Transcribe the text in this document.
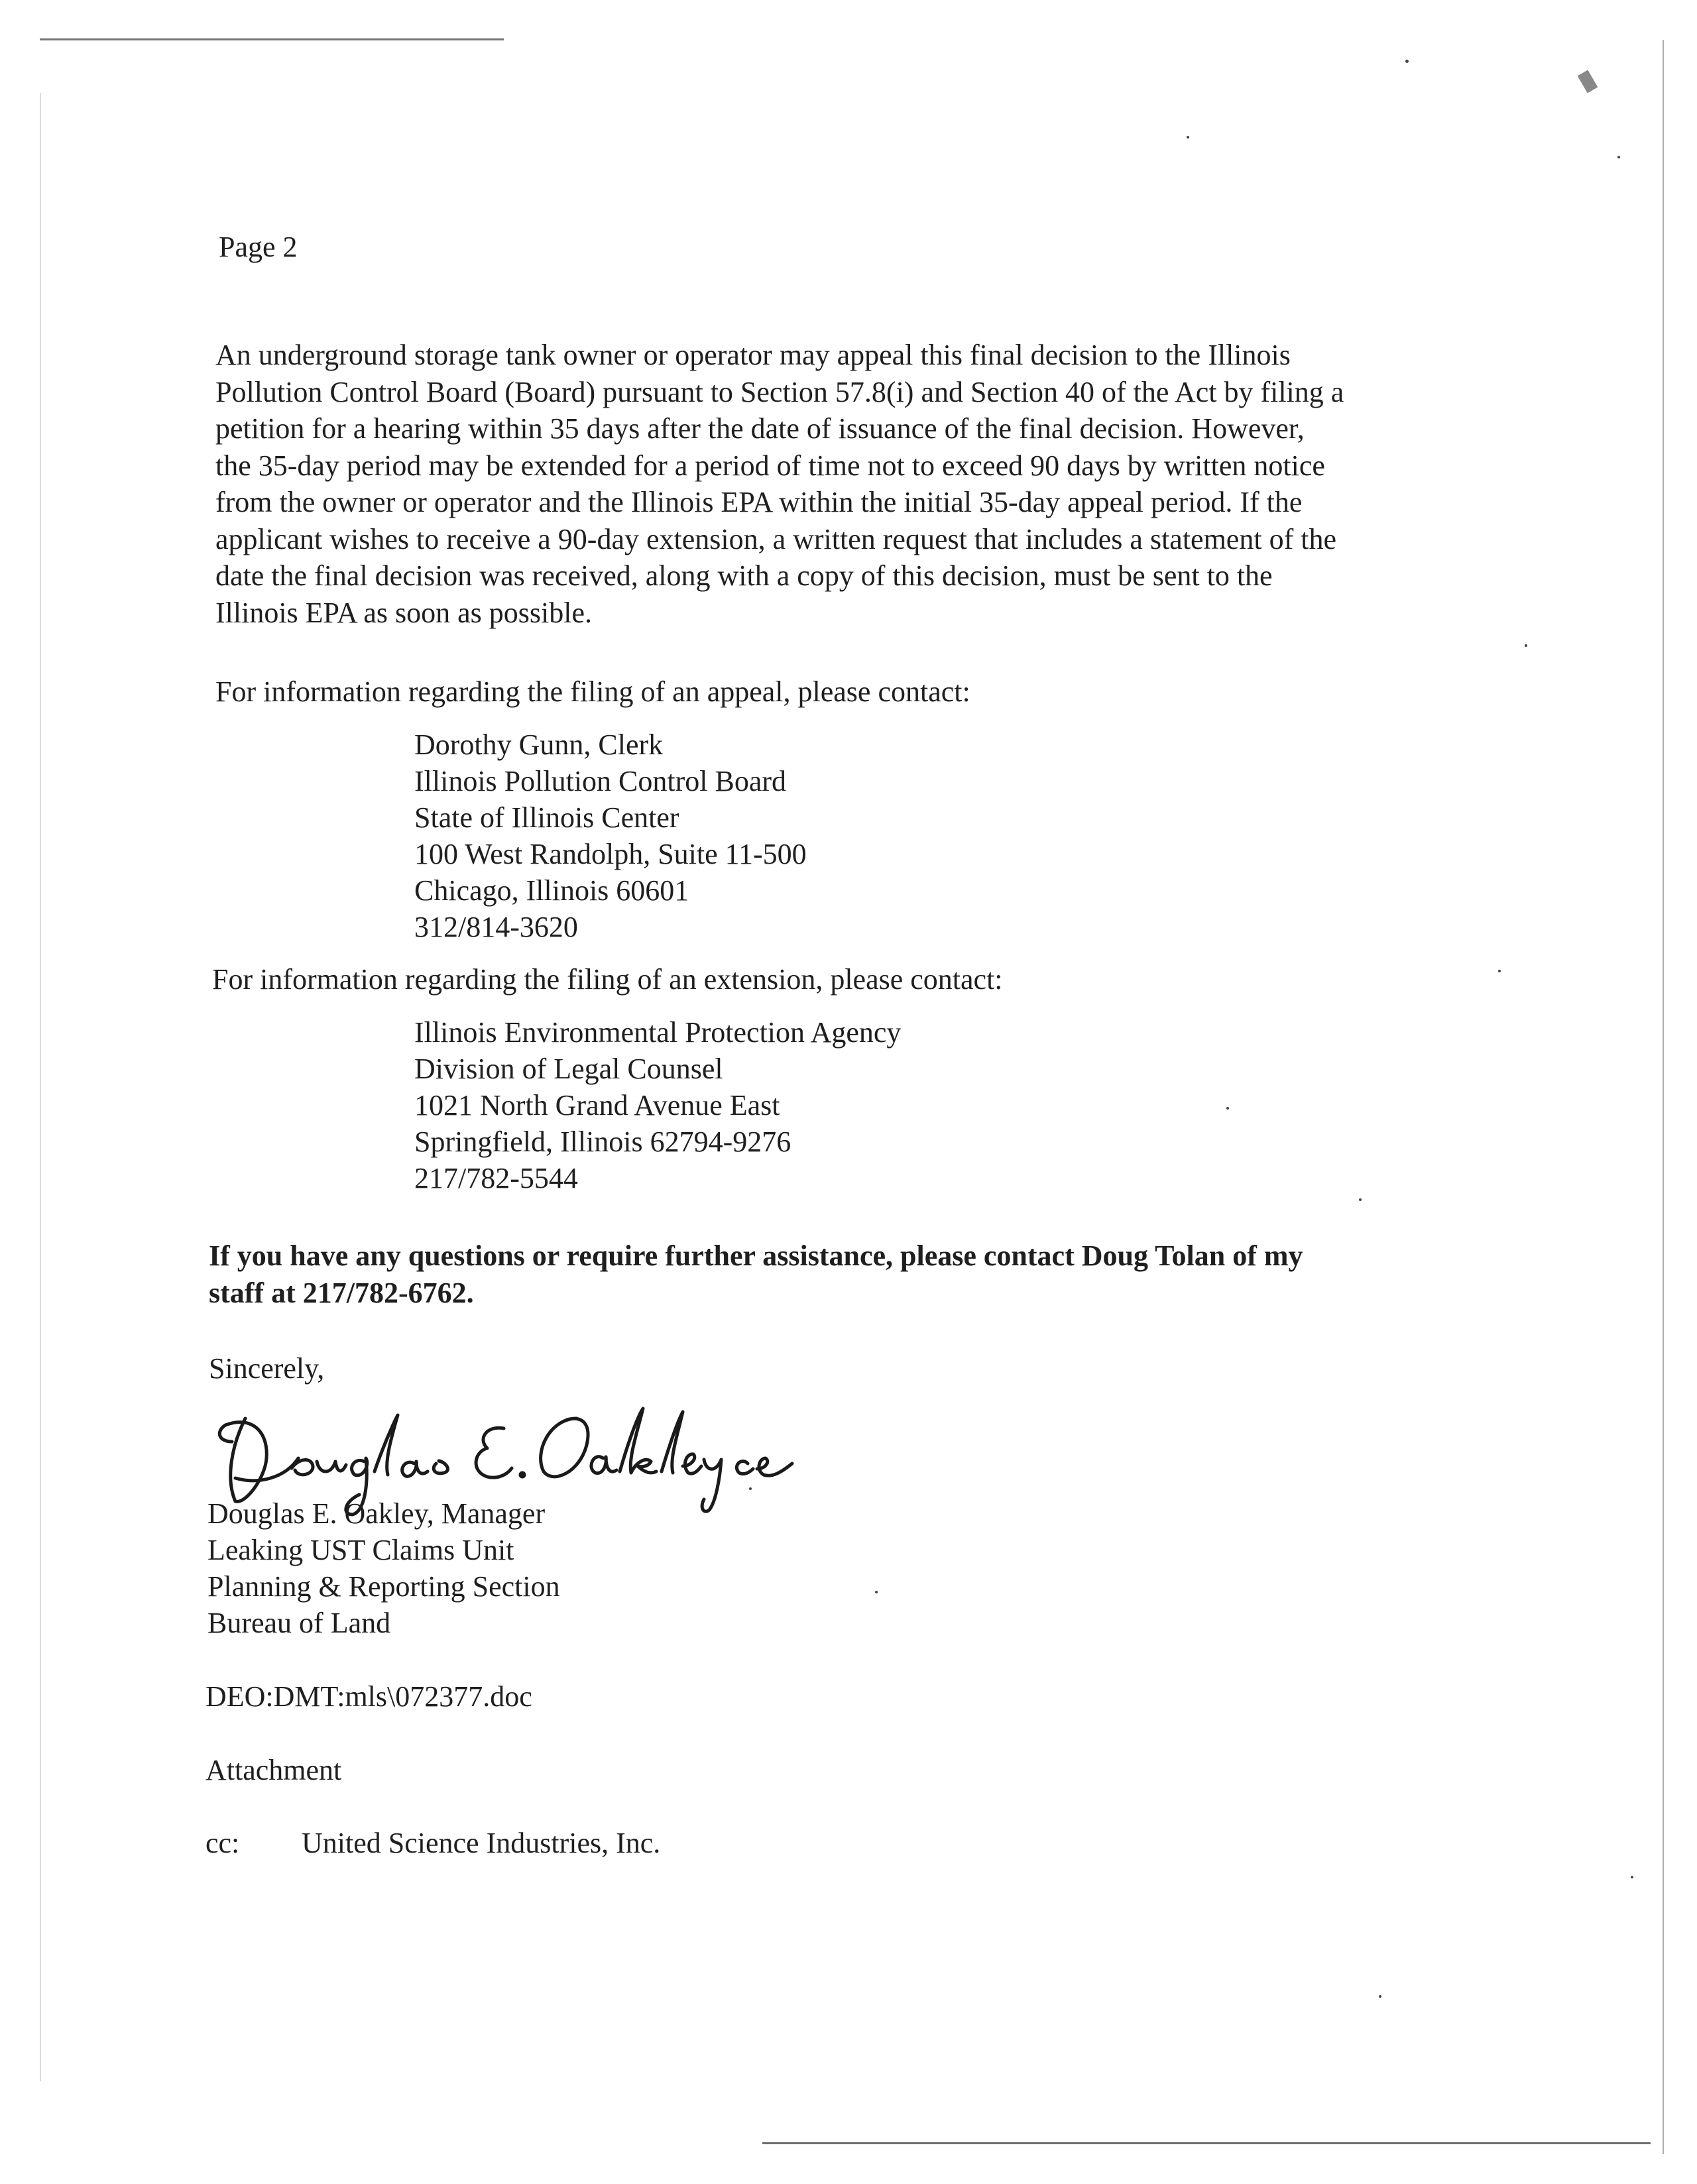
Page 2
An underground storage tank owner or operator may appeal this final decision to the Illinois
Pollution Control Board (Board) pursuant to Section 57.8(i) and Section 40 of the Act by filing a
petition for a hearing within 35 days after the date of issuance of the final decision. However,
the 35-day period may be extended for a period of time not to exceed 90 days by written notice
from the owner or operator and the Illinois EPA within the initial 35-day appeal period. If the
applicant wishes to receive a 90-day extension, a written request that includes a statement of the
date the final decision was received, along with a copy of this decision, must be sent to the
Illinois EPA as soon as possible.
For information regarding the filing of an appeal, please contact:
Dorothy Gunn, Clerk
Illinois Pollution Control Board
State of Illinois Center
100 West Randolph, Suite 11-500
Chicago, Illinois 60601
312/814-3620
For information regarding the filing of an extension, please contact:
Illinois Environmental Protection Agency
Division of Legal Counsel
1021 North Grand Avenue East
Springfield, Illinois 62794-9276
217/782-5544
If you have any questions or require further assistance, please contact Doug Tolan of my
staff at 217/782-6762.
Sincerely,
Douglas E. Oakley, Manager
Leaking UST Claims Unit
Planning & Reporting Section
Bureau of Land
DEO:DMT:mls\072377.doc
Attachment
cc: United Science Industries, Inc.
